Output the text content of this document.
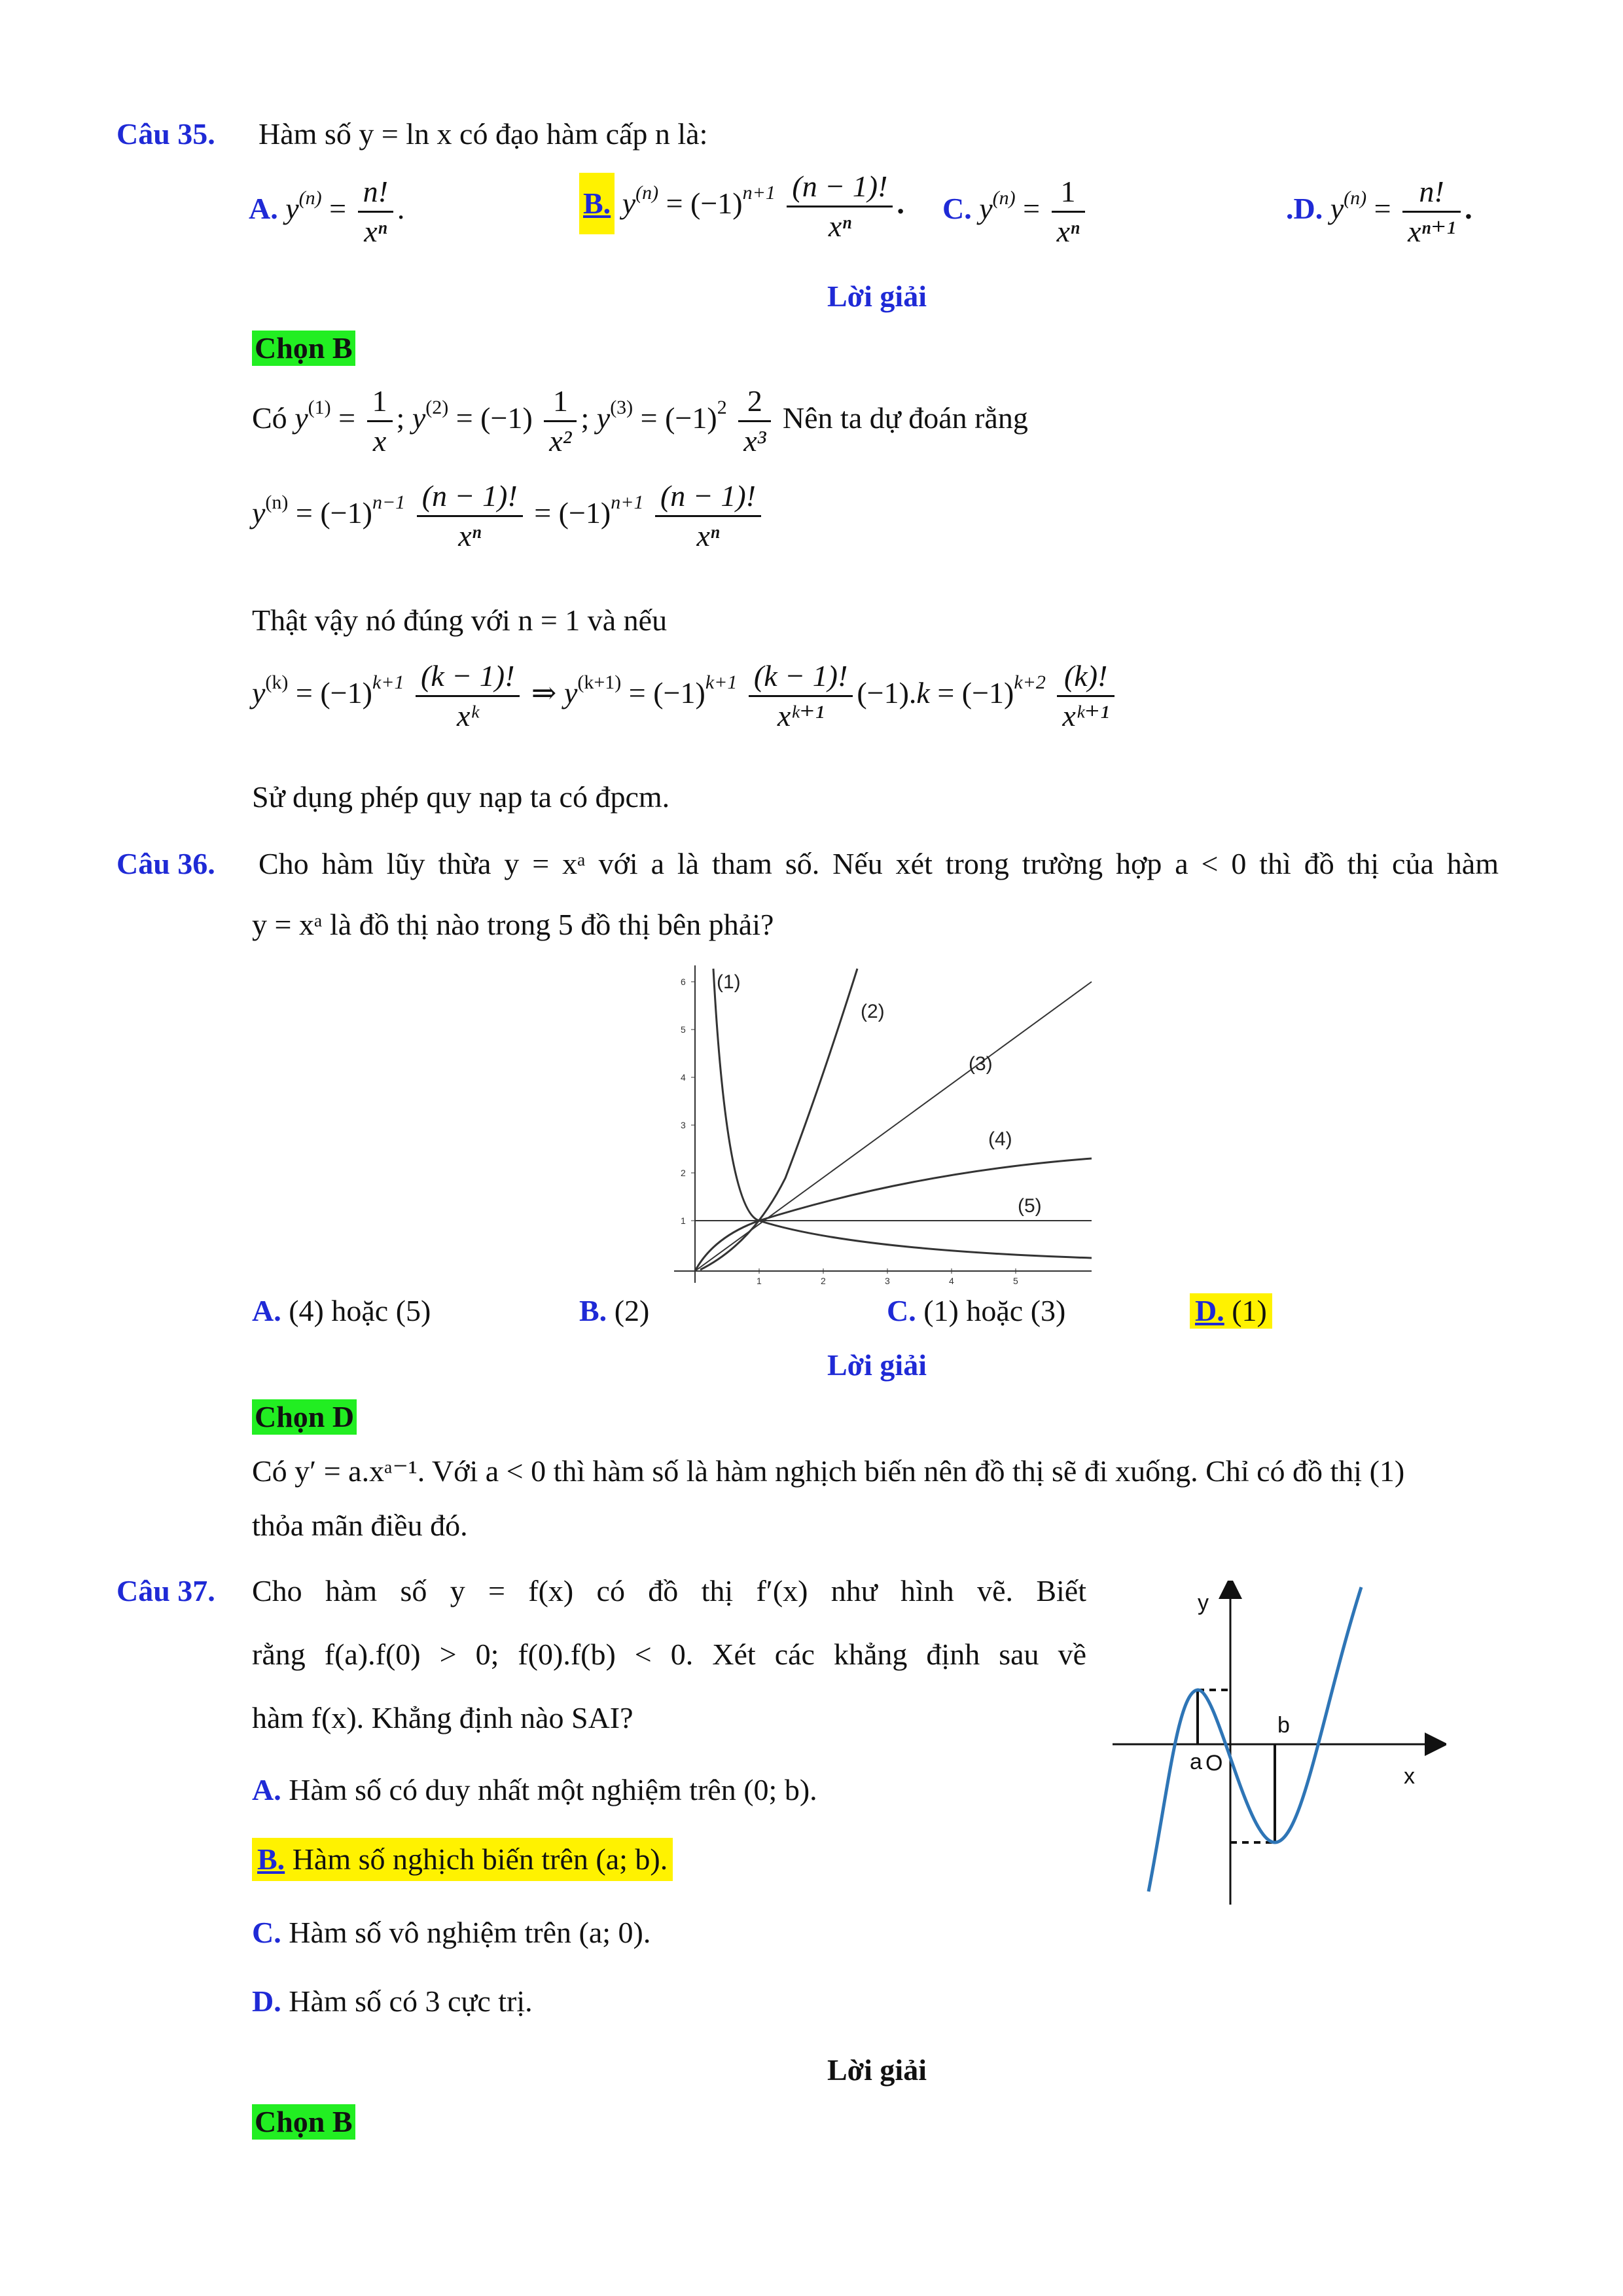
Câu 35. Hàm số y = ln x có đạo hàm cấp n là:
A. $y^{(n)} = \frac{n!}{\text{xⁿ}}$ .	B. $y^{(n)} = (-1)^{n+1} \frac{(n - 1)!}{\text{xⁿ}}$ . C. $y^{(n)} = \frac{1}{\text{xⁿ}}$	.D. $y^{(n)} = \frac{n!}{\text{xⁿ⁺¹}}$ .
Lời giải
Chọn B
Có $y^{(1)} = \frac{1}{x}$ ; $y^{(2)} = (-1) \frac{1}{\text{x²}}$ ; $y^{(3)} = (-1)^2 \frac{2}{\text{x³}}$ Nên ta dự đoán rằng
$y^{(n)} = (-1)^{n-1} \frac{(n - 1)!}{\text{xⁿ}} = (-1)^{n+1} \frac{(n - 1)!}{\text{xⁿ}}$
Thật vậy nó đúng với n = 1 và nếu
$y^{(k)} = (-1)^{k+1} \frac{(k - 1)!}{\text{xᵏ}}$ ⇒ $y^{(k+1)} = (-1)^{k+1} \frac{(k - 1)!}{\text{xᵏ⁺¹}} (-1).k = (-1)^{k+2} \frac{(k)!}{\text{xᵏ⁺¹}}$
Sử dụng phép quy nạp ta có đpcm.
Câu 36. Cho hàm lũy thừa y = xᵃ với a là tham số. Nếu xét trong trường hợp a < 0 thì đồ thị của hàm
y = xᵃ là đồ thị nào trong 5 đồ thị bên phải?
6
5
4
3
2
1
1	2	3	4	5
(1)
(2)
(3)
(4)
(5)
A. (4) hoặc (5)	B. (2)	C. (1) hoặc (3)	D. (1)
Lời giải
Chọn D
Có y′ = a.xᵃ⁻¹. Với a < 0 thì hàm số là hàm nghịch biến nên đồ thị sẽ đi xuống. Chỉ có đồ thị (1)
thỏa mãn điều đó.
Câu 37. Cho hàm số y = f(x) có đồ thị f′(x) như hình vẽ. Biết
rằng f(a).f(0) > 0; f(0).f(b) < 0. Xét các khẳng định sau về
hàm f(x). Khẳng định nào SAI?
A. Hàm số có duy nhất một nghiệm trên (0; b).
B. Hàm số nghịch biến trên (a; b).
C. Hàm số vô nghiệm trên (a; 0).
D. Hàm số có 3 cực trị.
y
x
a O
b
Lời giải
Chọn B
